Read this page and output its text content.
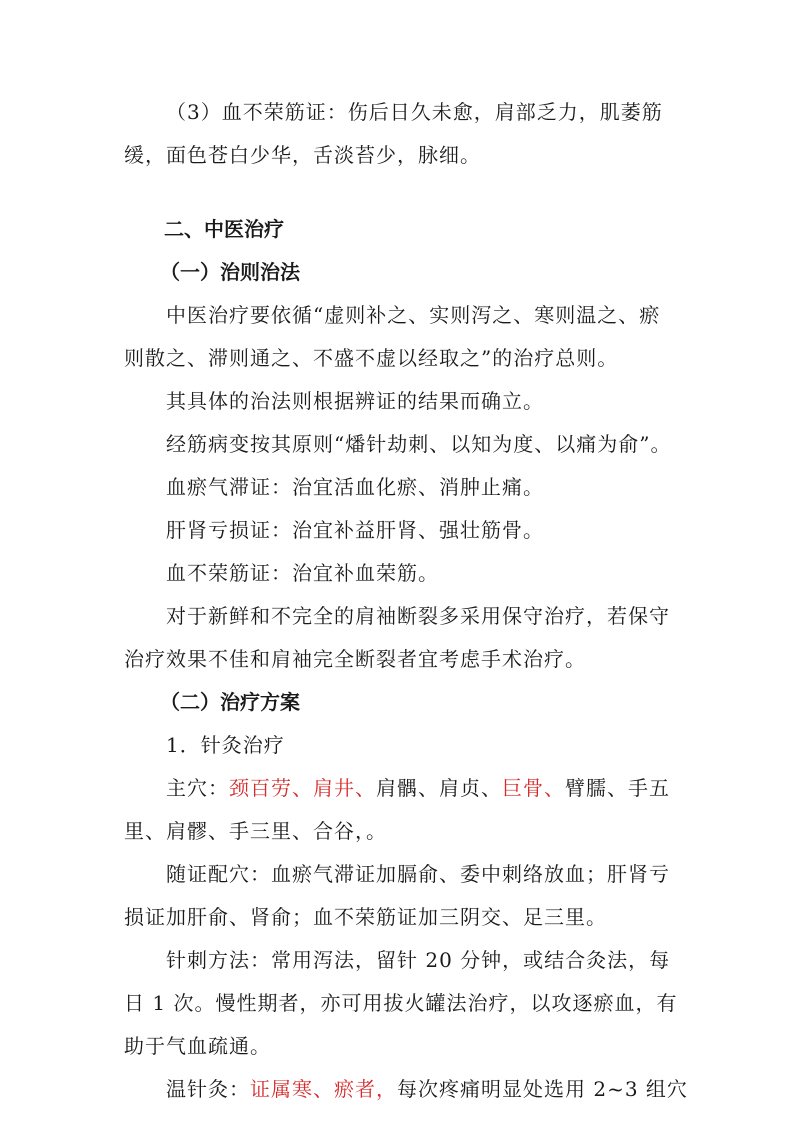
（3）血不荣筋证：伤后日久未愈，肩部乏力，肌萎筋

缓，面色苍白少华，舌淡苔少，脉细。

二、中医治疗

（一）治则治法

中医治疗要依循“虚则补之、实则泻之、寒则温之、瘀

则散之、滞则通之、不盛不虚以经取之”的治疗总则。

其具体的治法则根据辨证的结果而确立。

经筋病变按其原则“燔针劫刺、以知为度、以痛为俞”。

血瘀气滞证：治宜活血化瘀、消肿止痛。

肝肾亏损证：治宜补益肝肾、强壮筋骨。

血不荣筋证：治宜补血荣筋。

对于新鲜和不完全的肩袖断裂多采用保守治疗，若保守

治疗效果不佳和肩袖完全断裂者宜考虑手术治疗。

（二）治疗方案

1．针灸治疗

主穴：颈百劳、肩井、肩髃、肩贞、巨骨、臂臑、手五

里、肩髎、手三里、合谷，。

随证配穴：血瘀气滞证加膈俞、委中刺络放血；肝肾亏

损证加肝俞、肾俞；血不荣筋证加三阴交、足三里。

针刺方法：常用泻法，留针 20 分钟，或结合灸法，每

日 1 次。慢性期者，亦可用拔火罐法治疗，以攻逐瘀血，有

助于气血疏通。

温针灸：证属寒、瘀者，每次疼痛明显处选用 2~3 组穴
